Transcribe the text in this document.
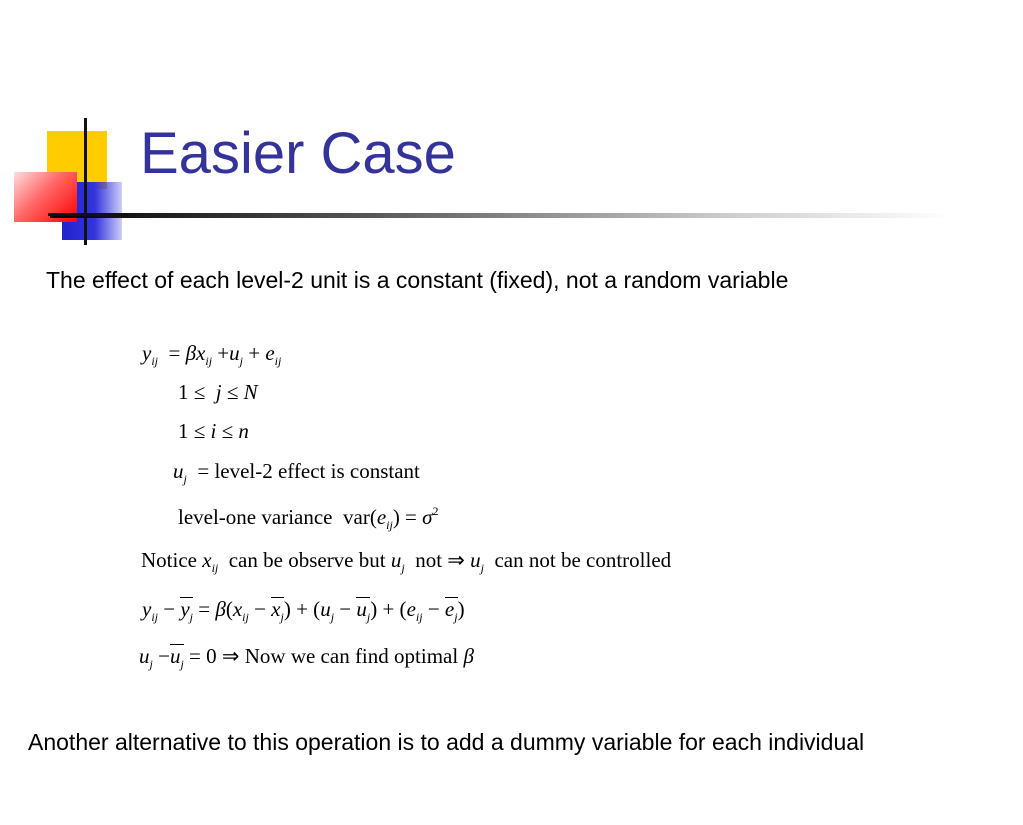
Easier Case
The effect of each level-2 unit is a constant (fixed), not a random variable
$y_{ij} = \beta x_{ij} +u_j + e_{ij}$
1 ≤  j ≤ N
1 ≤ i ≤ n
$u_j$  = level-2 effect is constant
level-one variance  $var(e_{ij}) = \sigma^2$
Notice $x_{ij}$ can be observe but $u_j$ not ⇒ $u_j$ can not be controlled
$y_{ij} - y_j = \beta(x_{ij} - x_j) + (u_j - u_j) + (e_{ij} - e_j)$
$u_j -u_j = 0$ ⇒ Now we can find optimal β
Another alternative to this operation is to add a dummy variable for each individual
